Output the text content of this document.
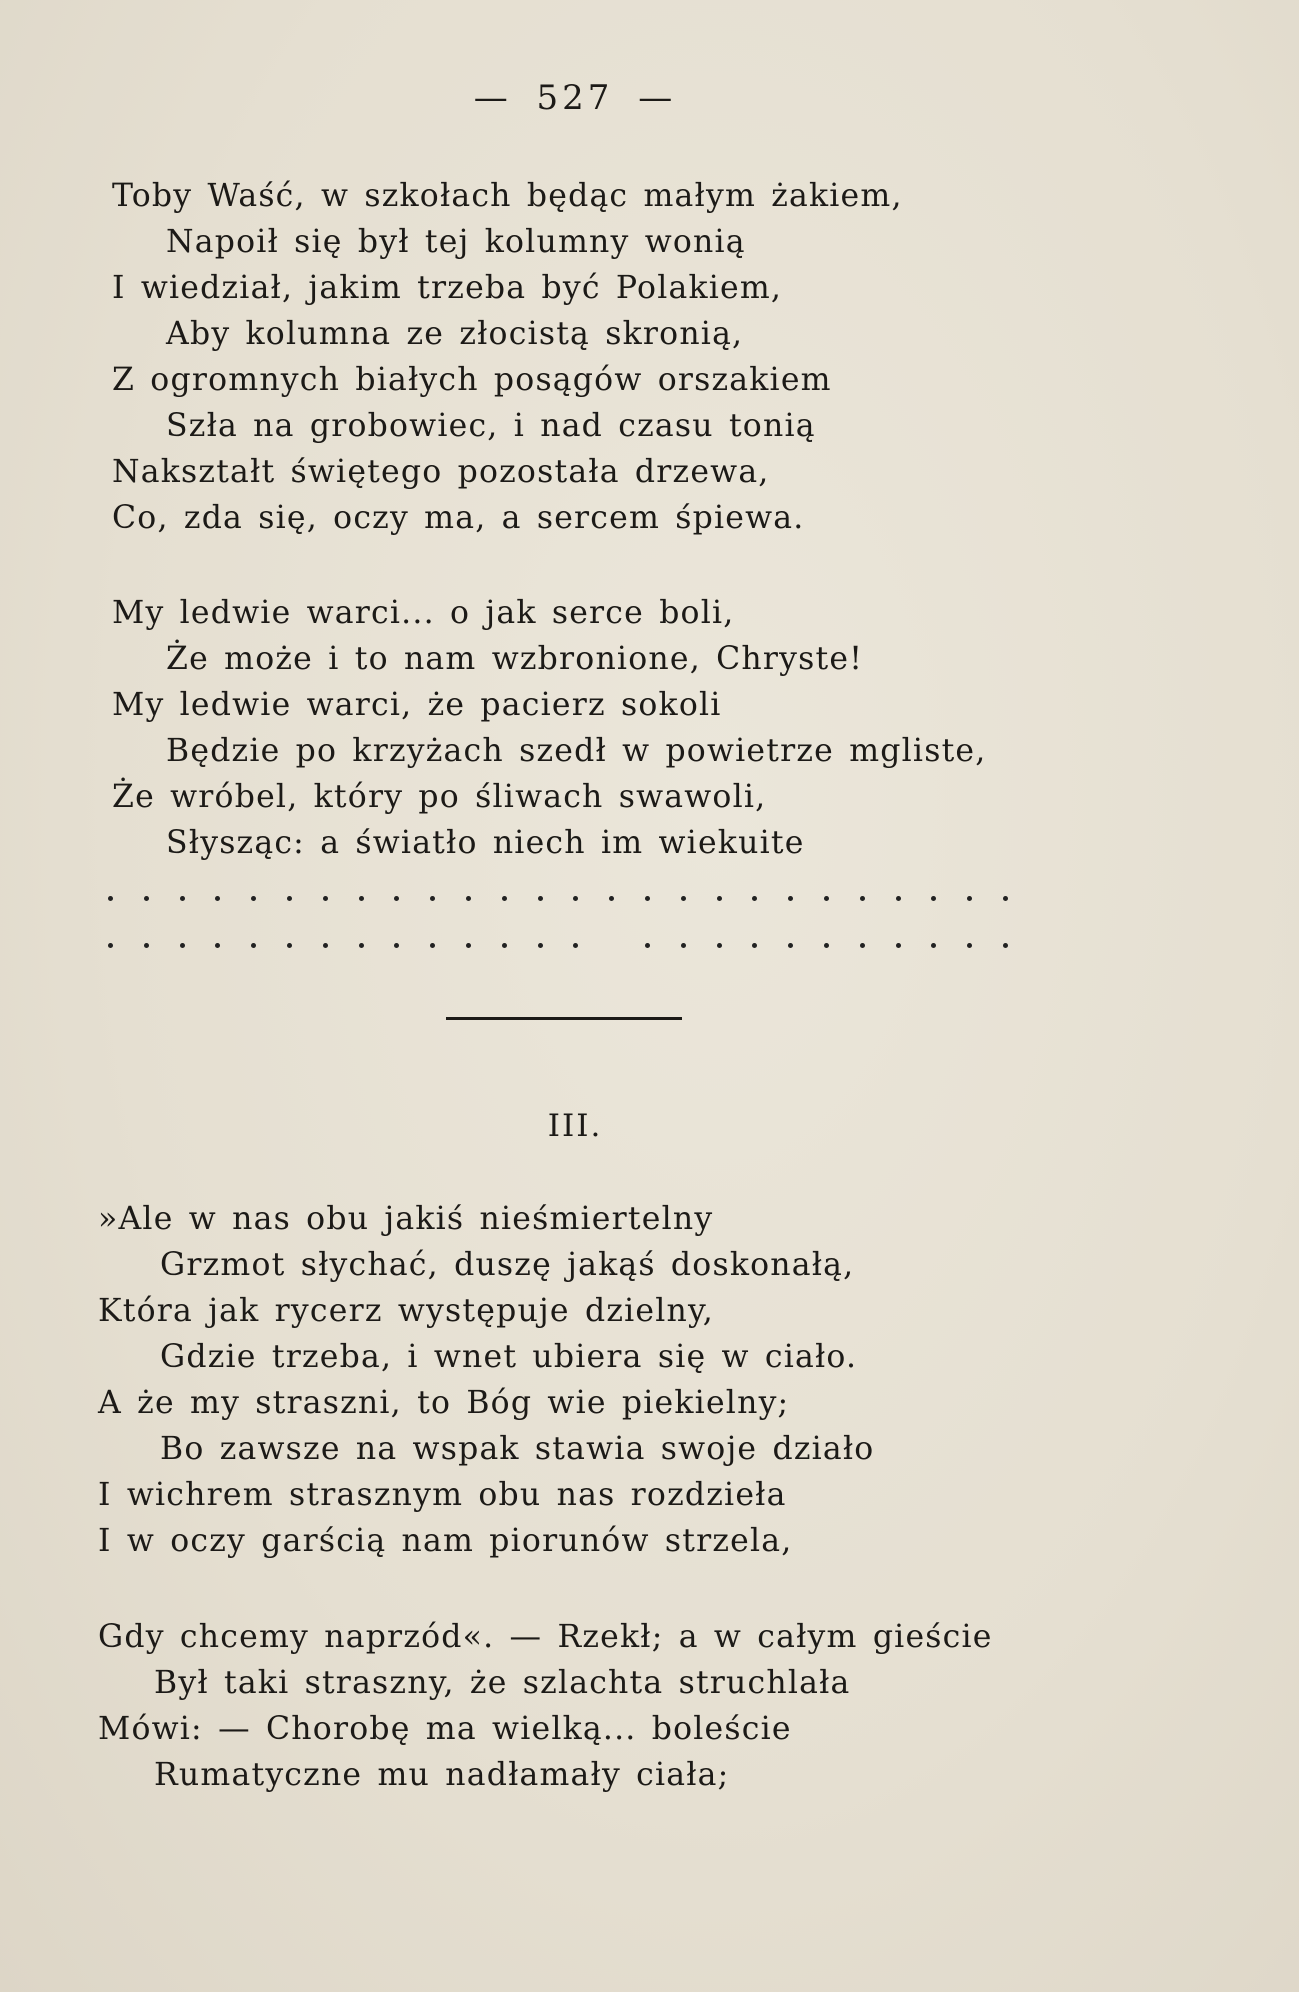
— 527 —
Toby Waść, w szkołach będąc małym żakiem,
Napoił się był tej kolumny wonią
I wiedział, jakim trzeba być Polakiem,
Aby kolumna ze złocistą skronią,
Z ogromnych białych posągów orszakiem
Szła na grobowiec, i nad czasu tonią
Nakształt świętego pozostała drzewa,
Co, zda się, oczy ma, a sercem śpiewa.
My ledwie warci... o jak serce boli,
Że może i to nam wzbronione, Chryste!
My ledwie warci, że pacierz sokoli
Będzie po krzyżach szedł w powietrze mgliste,
Że wróbel, który po śliwach swawoli,
Słysząc: a światło niech im wiekuite
III.
»Ale w nas obu jakiś nieśmiertelny
Grzmot słychać, duszę jakąś doskonałą,
Która jak rycerz występuje dzielny,
Gdzie trzeba, i wnet ubiera się w ciało.
A że my straszni, to Bóg wie piekielny;
Bo zawsze na wspak stawia swoje działo
I wichrem strasznym obu nas rozdzieła
I w oczy garścią nam piorunów strzela,
Gdy chcemy naprzód«. — Rzekł; a w całym gieście
Był taki straszny, że szlachta struchlała
Mówi: — Chorobę ma wielką... boleście
Rumatyczne mu nadłamały ciała;
